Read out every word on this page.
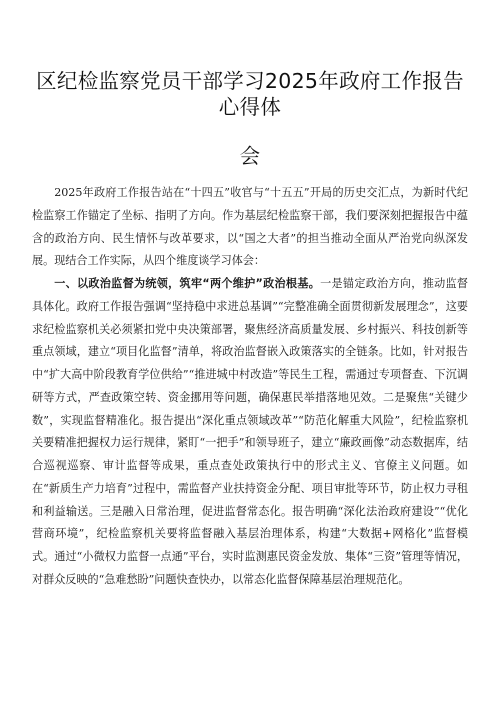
区纪检监察党员干部学习2025年政府工作报告心得体
会

2025年政府工作报告站在“十四五”收官与“十五五”开局的历史交汇点，为新时代纪检监察工作锚定了坐标、指明了方向。作为基层纪检监察干部，我们要深刻把握报告中蕴含的政治方向、民生情怀与改革要求，以“国之大者”的担当推动全面从严治党向纵深发展。现结合工作实际，从四个维度谈学习体会：

一、以政治监督为统领，筑牢“两个维护”政治根基。一是锚定政治方向，推动监督具体化。政府工作报告强调“坚持稳中求进总基调”“完整准确全面贯彻新发展理念”，这要求纪检监察机关必须紧扣党中央决策部署，聚焦经济高质量发展、乡村振兴、科技创新等重点领域，建立“项目化监督”清单，将政治监督嵌入政策落实的全链条。比如，针对报告中“扩大高中阶段教育学位供给”“推进城中村改造”等民生工程，需通过专项督查、下沉调研等方式，严查政策空转、资金挪用等问题，确保惠民举措落地见效。二是聚焦“关键少数”，实现监督精准化。报告提出“深化重点领域改革”“防范化解重大风险”，纪检监察机关要精准把握权力运行规律，紧盯“一把手”和领导班子，建立“廉政画像”动态数据库，结合巡视巡察、审计监督等成果，重点查处政策执行中的形式主义、官僚主义问题。如在“新质生产力培育”过程中，需监督产业扶持资金分配、项目审批等环节，防止权力寻租和利益输送。三是融入日常治理，促进监督常态化。报告明确“深化法治政府建设”“优化营商环境”，纪检监察机关要将监督融入基层治理体系，构建“大数据+网格化”监督模式。通过“小微权力监督一点通”平台，实时监测惠民资金发放、集体“三资”管理等情况，对群众反映的“急难愁盼”问题快查快办，以常态化监督保障基层治理规范化。
